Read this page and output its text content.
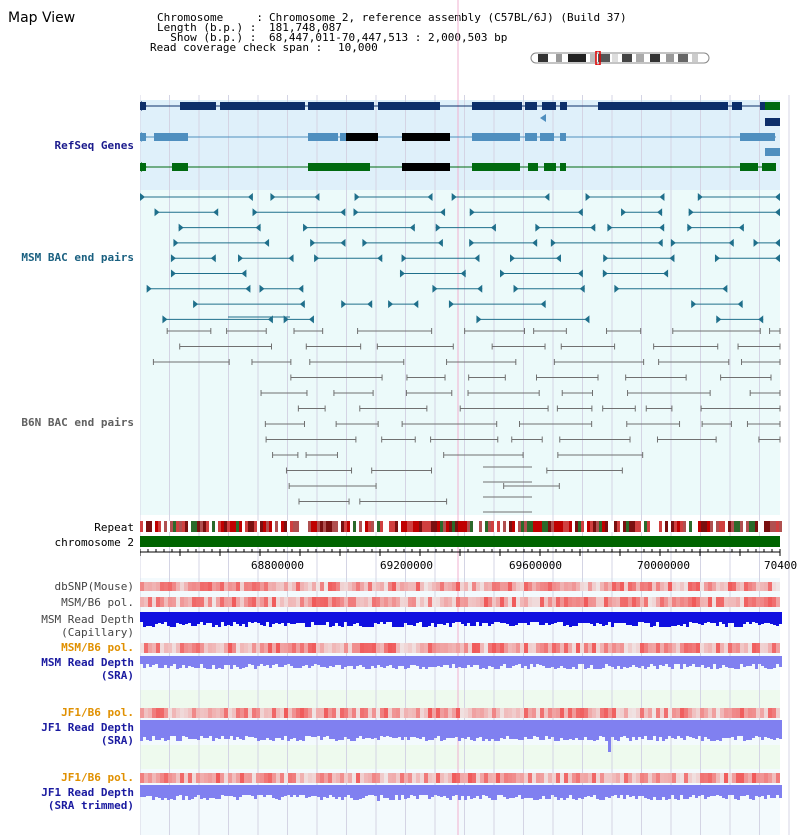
Map View	Chromosome     : Chromosome 2, reference assembly (C57BL/6J) (Build 37)
Length (b.p.) : 181,748,087
Show (b.p.) : 68,447,011-70,447,513 : 2,000,503 bp
Read coverage check span : 10,000
RefSeq Genes
MSM BAC end pairs
B6N BAC end pairs
Repeat
chromosome 2
dbSNP(Mouse)
MSM/B6 pol.
MSM Read Depth
(Capillary)
MSM/B6 pol.
MSM Read Depth
(SRA)
JF1/B6 pol.
JF1 Read Depth
(SRA)
JF1/B6 pol.
JF1 Read Depth
(SRA trimmed)
68800000	69200000	69600000	70000000	70400
